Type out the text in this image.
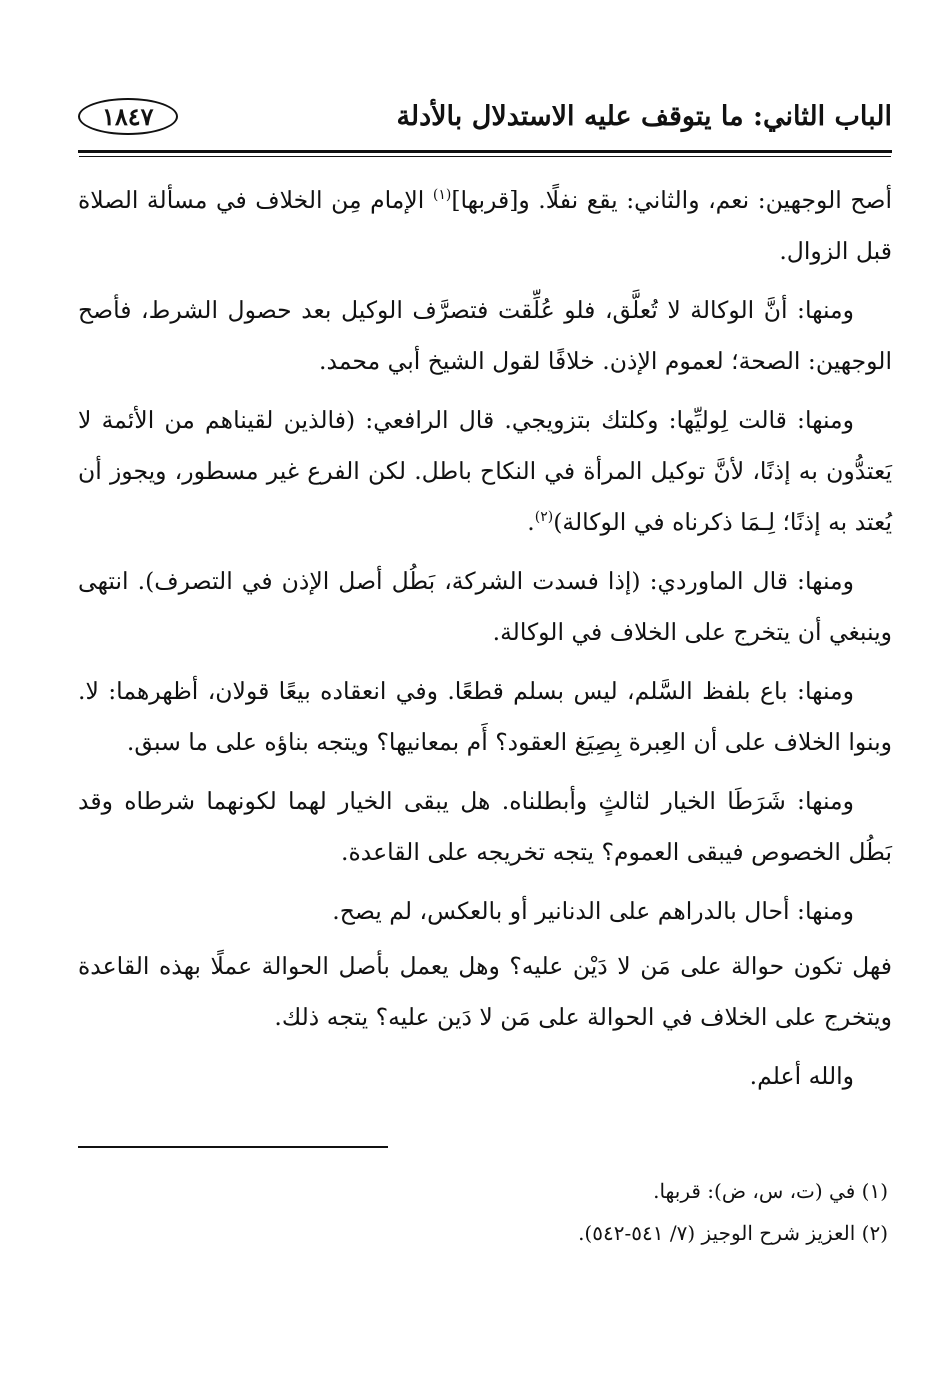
الباب الثاني: ما يتوقف عليه الاستدلال بالأدلة
١٨٤٧

أصح الوجهين: نعم، والثاني: يقع نفلًا. و[قربها]$^{(١)}$ الإمام مِن الخلاف في مسألة الصلاة قبل الزوال.

ومنها: أنَّ الوكالة لا تُعلَّق، فلو عُلِّقت فتصرَّف الوكيل بعد حصول الشرط، فأصح الوجهين: الصحة؛ لعموم الإذن. خلافًا لقول الشيخ أبي محمد.

ومنها: قالت لِوليِّها: وكلتك بتزويجي. قال الرافعي: (فالذين لقيناهم من الأئمة لا يَعتدُّون به إذنًا، لأنَّ توكيل المرأة في النكاح باطل. لكن الفرع غير مسطور، ويجوز أن يُعتد به إذنًا؛ لِـمَا ذكرناه في الوكالة)$^{(٢)}$.

ومنها: قال الماوردي: (إذا فسدت الشركة، بَطُل أصل الإذن في التصرف). انتهى وينبغي أن يتخرج على الخلاف في الوكالة.

ومنها: باع بلفظ السَّلم، ليس بسلم قطعًا. وفي انعقاده بيعًا قولان، أظهرهما: لا. وبنوا الخلاف على أن العِبرة بِصِيَغ العقود؟ أَم بمعانيها؟ ويتجه بناؤه على ما سبق.

ومنها: شَرَطَا الخيار لثالثٍ وأبطلناه. هل يبقى الخيار لهما لكونهما شرطاه وقد بَطُل الخصوص فيبقى العموم؟ يتجه تخريجه على القاعدة.

ومنها: أحال بالدراهم على الدنانير أو بالعكس، لم يصح.

فهل تكون حوالة على مَن لا دَيْن عليه؟ وهل يعمل بأصل الحوالة عملًا بهذه القاعدة ويتخرج على الخلاف في الحوالة على مَن لا دَين عليه؟ يتجه ذلك.

والله أعلم.

(١) في (ت، س، ض): قربها.

(٢) العزيز شرح الوجيز (٧/ ٥٤١-٥٤٢).
